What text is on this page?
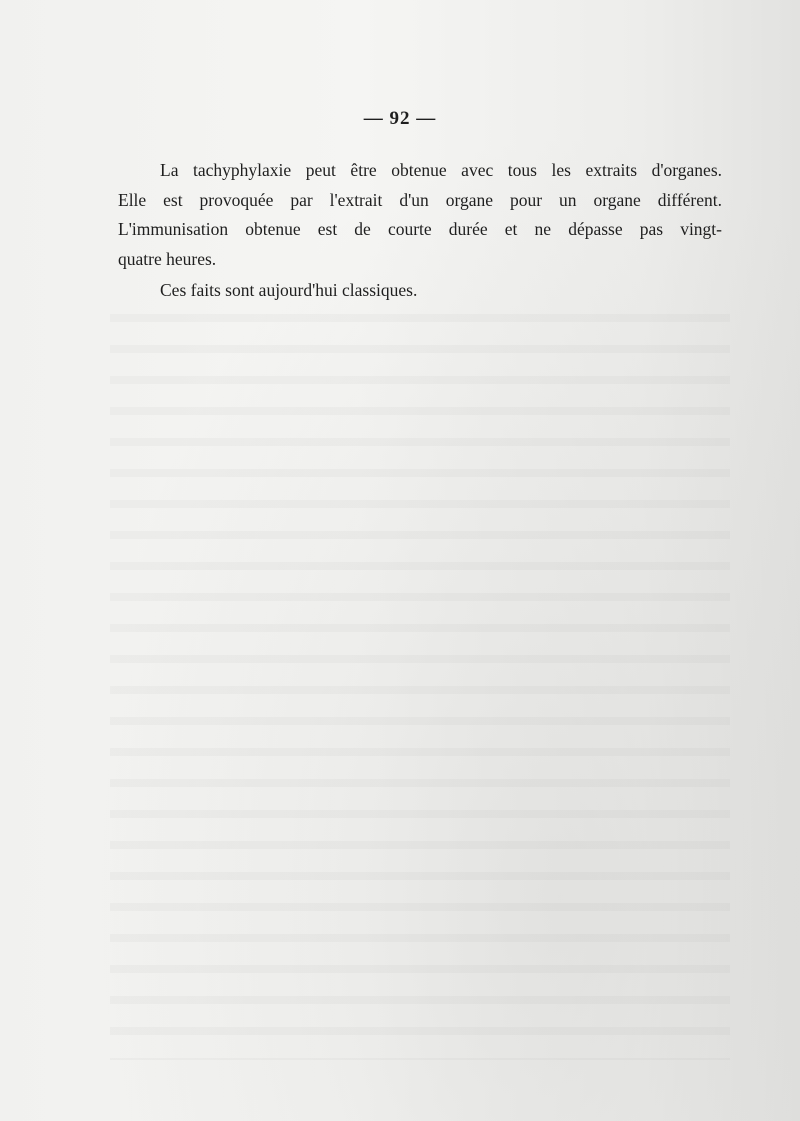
— 92 —

La tachyphylaxie peut être obtenue avec tous les extraits d'organes.
Elle est provoquée par l'extrait d'un organe pour un organe différent.
L'immunisation obtenue est de courte durée et ne dépasse pas vingt-
quatre heures.

Ces faits sont aujourd'hui classiques.
